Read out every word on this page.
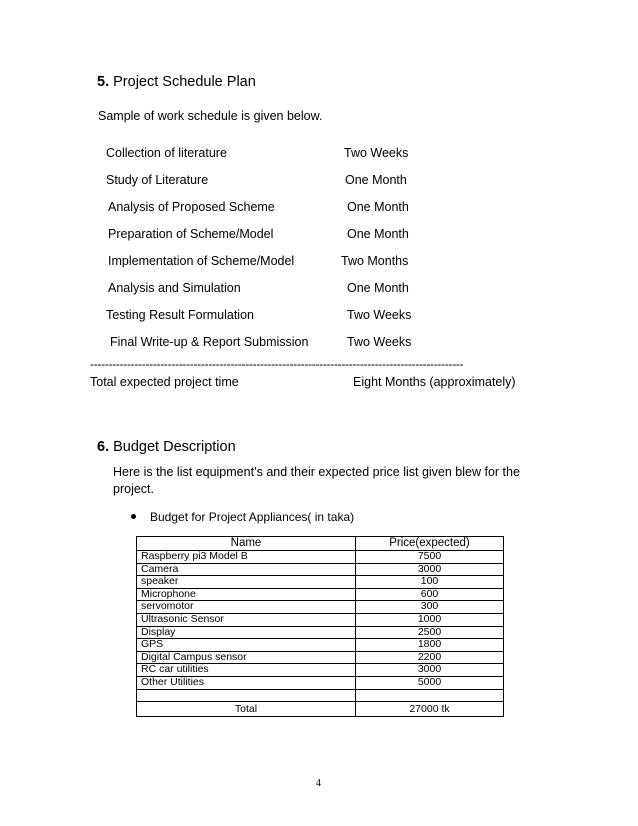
5. Project Schedule Plan
Sample of work schedule is given below.
Collection of literature	Two Weeks
Study of Literature	One Month
Analysis of Proposed Scheme	One Month
Preparation of Scheme/Model	One Month
Implementation of Scheme/Model	Two Months
Analysis and Simulation	One Month
Testing Result Formulation	Two Weeks
Final Write-up & Report Submission	Two Weeks
-----------------------------------------------------------------------------------------------------
Total expected project time	Eight Months (approximately)
6. Budget Description
Here is the list equipment’s and their expected price list given blew for the project.
Budget for Project Appliances( in taka)
Name	Price(expected)
Raspberry pi3 Model B	7500
Camera	3000
speaker	100
Microphone	600
servomotor	300
Ultrasonic Sensor	1000
Display	2500
GPS	1800
Digital Campus sensor	2200
RC car utilities	3000
Other Utilities	5000

Total	27000 tk
4
